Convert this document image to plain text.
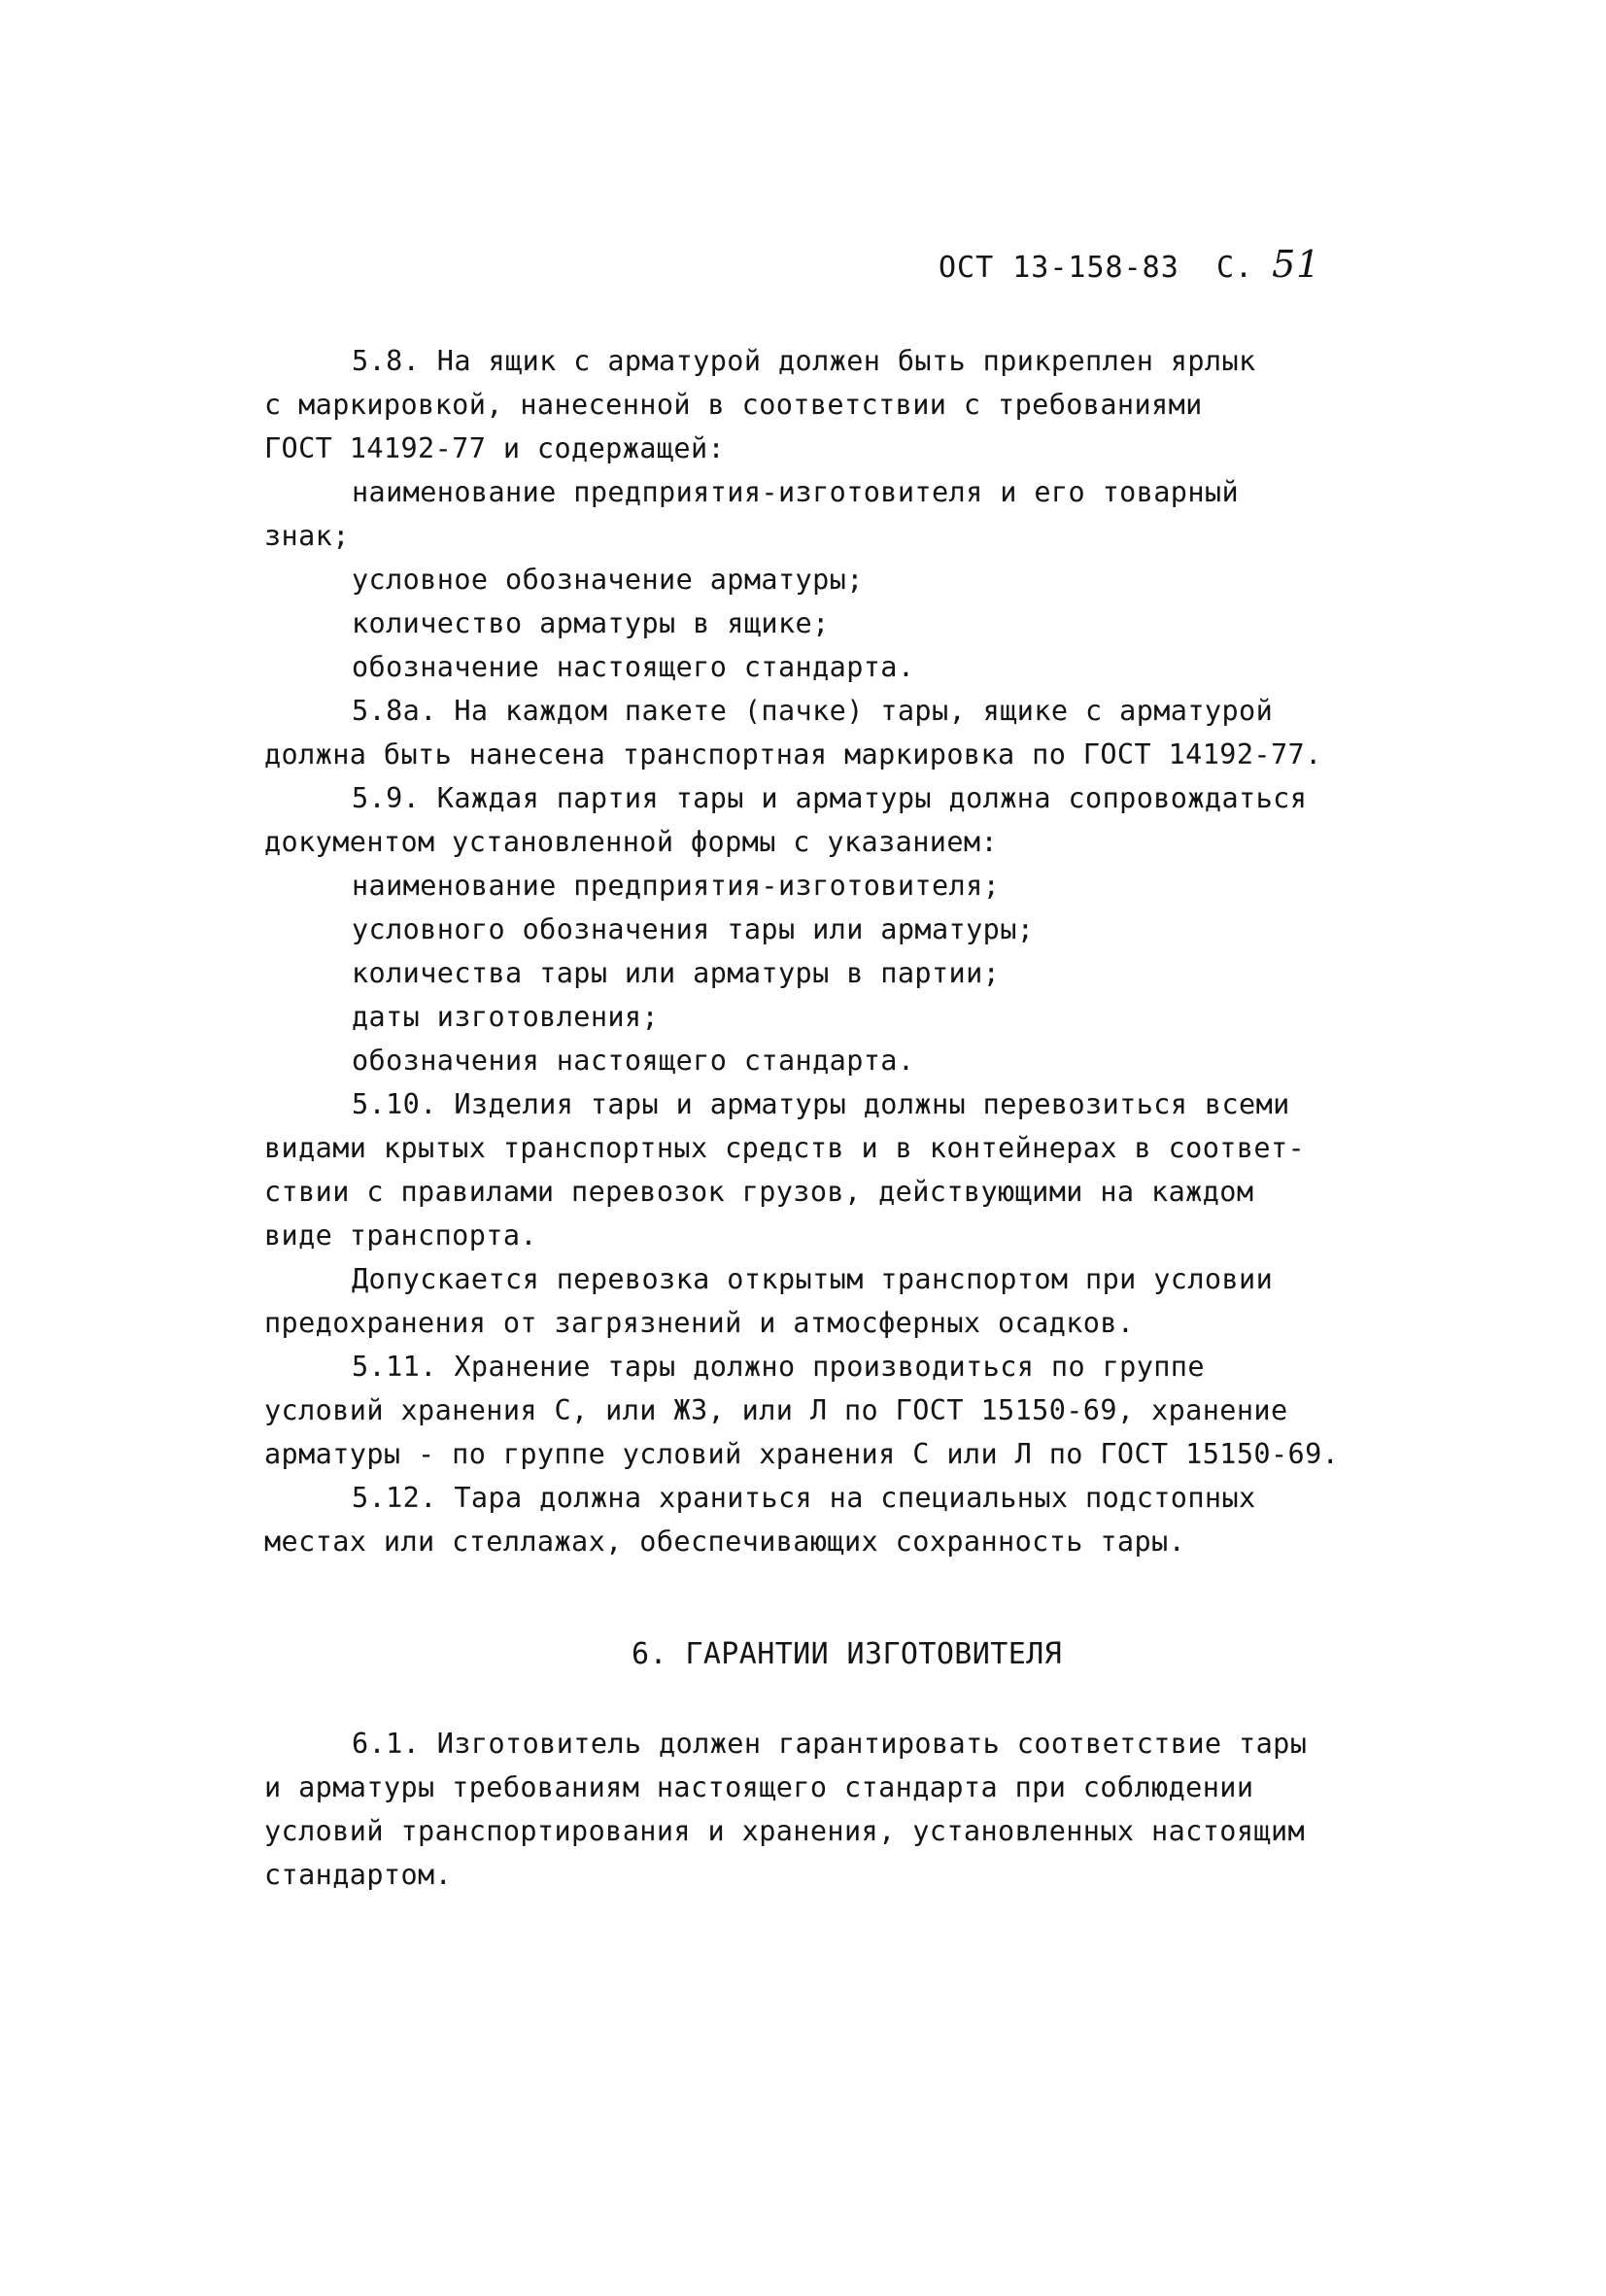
ОСТ 13-158-83 С. 51
5.8. На ящик с арматурой должен быть прикреплен ярлык
с маркировкой, нанесенной в соответствии с требованиями
ГОСТ 14192-77 и содержащей:
наименование предприятия-изготовителя и его товарный
знак;
условное обозначение арматуры;
количество арматуры в ящике;
обозначение настоящего стандарта.
5.8а. На каждом пакете (пачке) тары, ящике с арматурой
должна быть нанесена транспортная маркировка по ГОСТ 14192-77.
5.9. Каждая партия тары и арматуры должна сопровождаться
документом установленной формы с указанием:
наименование предприятия-изготовителя;
условного обозначения тары или арматуры;
количества тары или арматуры в партии;
даты изготовления;
обозначения настоящего стандарта.
5.10. Изделия тары и арматуры должны перевозиться всеми
видами крытых транспортных средств и в контейнерах в соответ-
ствии с правилами перевозок грузов, действующими на каждом
виде транспорта.
Допускается перевозка открытым транспортом при условии
предохранения от загрязнений и атмосферных осадков.
5.11. Хранение тары должно производиться по группе
условий хранения С, или Ж3, или Л по ГОСТ 15150-69, хранение
арматуры - по группе условий хранения С или Л по ГОСТ 15150-69.
5.12. Тара должна храниться на специальных подстопных
местах или стеллажах, обеспечивающих сохранность тары.
6. ГАРАНТИИ ИЗГОТОВИТЕЛЯ
6.1. Изготовитель должен гарантировать соответствие тары
и арматуры требованиям настоящего стандарта при соблюдении
условий транспортирования и хранения, установленных настоящим
стандартом.
